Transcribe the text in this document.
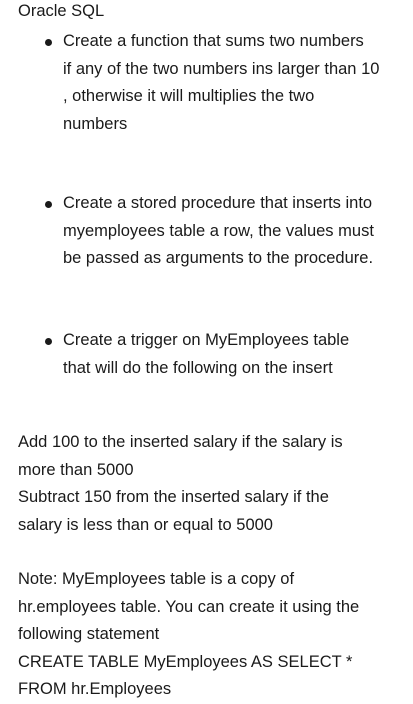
Oracle SQL
Create a function that sums two numbers
if any of the two numbers ins larger than 10
, otherwise it will multiplies the two
numbers
Create a stored procedure that inserts into
myemployees table a row, the values must
be passed as arguments to the procedure.
Create a trigger on MyEmployees table
that will do the following on the insert
Add 100 to the inserted salary if the salary is
more than 5000
Subtract 150 from the inserted salary if the
salary is less than or equal to 5000
Note: MyEmployees table is a copy of
hr.employees table. You can create it using the
following statement
CREATE TABLE MyEmployees AS SELECT *
FROM hr.Employees
